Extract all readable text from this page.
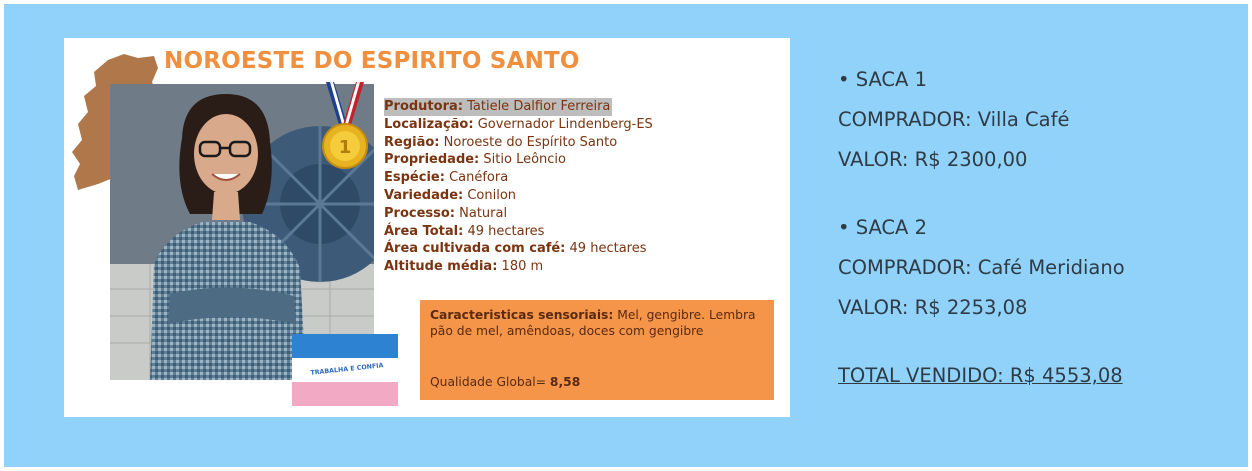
NOROESTE DO ESPIRITO SANTO
1
TRABALHA E CONFIA
Produtora: Tatiele Dalfior Ferreira
Localização: Governador Lindenberg-ES
Região: Noroeste do Espírito Santo
Propriedade: Sitio Leôncio
Espécie: Canéfora
Variedade: Conilon
Processo: Natural
Área Total: 49 hectares
Área cultivada com café: 49 hectares
Altitude média: 180 m
Caracteristicas sensoriais: Mel, gengibre. Lembra pão de mel, amêndoas, doces com gengibre
Qualidade Global= 8,58
• SACA 1
COMPRADOR: Villa Café
VALOR: R$ 2300,00
• SACA 2
COMPRADOR: Café Meridiano
VALOR: R$ 2253,08
TOTAL VENDIDO: R$ 4553,08
